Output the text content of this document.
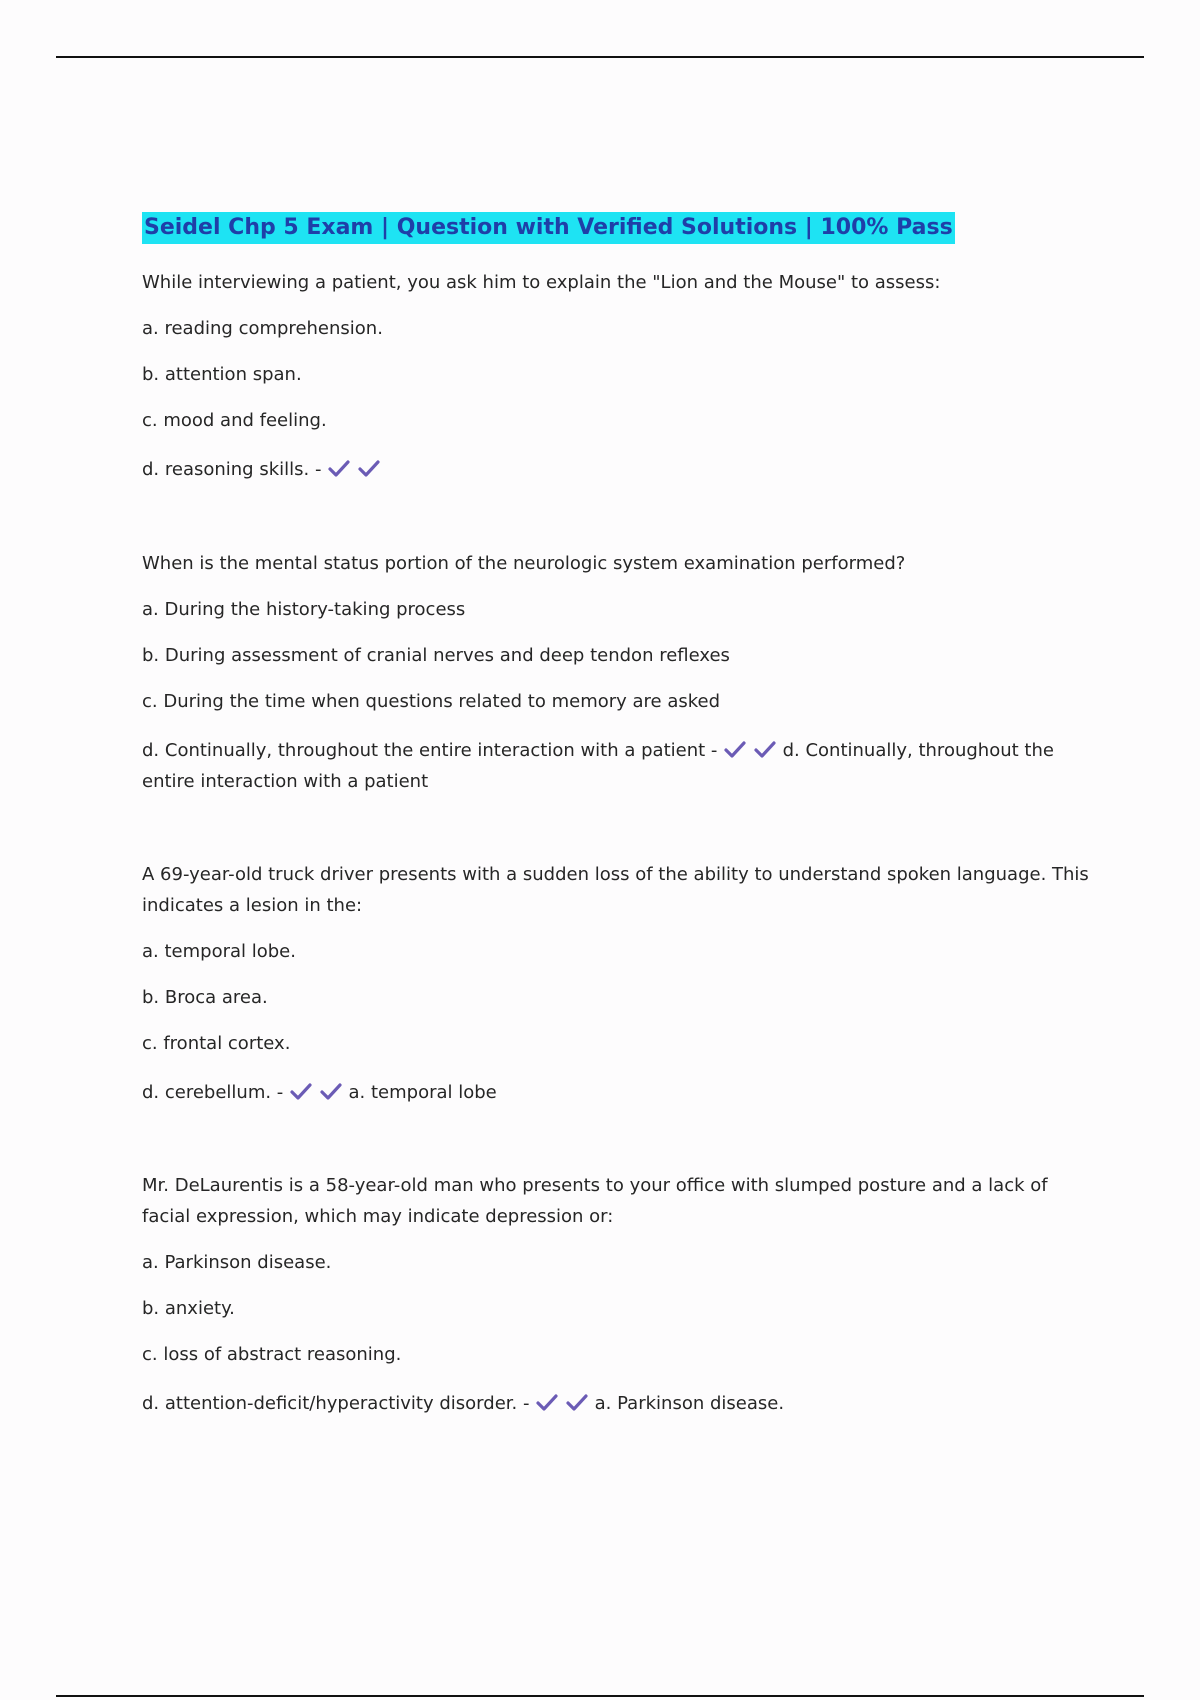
Seidel Chp 5 Exam | Question with Verified Solutions | 100% Pass
While interviewing a patient, you ask him to explain the "Lion and the Mouse" to assess:
a. reading comprehension.
b. attention span.
c. mood and feeling.
d. reasoning skills. -

When is the mental status portion of the neurologic system examination performed?
a. During the history-taking process
b. During assessment of cranial nerves and deep tendon reflexes
c. During the time when questions related to memory are asked
d. Continually, throughout the entire interaction with a patient -
	d. Continually, throughout the
entire interaction with a patient
A 69-year-old truck driver presents with a sudden loss of the ability to understand spoken language. This
indicates a lesion in the:
a. temporal lobe.
b. Broca area.
c. frontal cortex.
d. cerebellum. -
	a. temporal lobe
Mr. DeLaurentis is a 58-year-old man who presents to your office with slumped posture and a lack of
facial expression, which may indicate depression or:
a. Parkinson disease.
b. anxiety.
c. loss of abstract reasoning.
d. attention-deficit/hyperactivity disorder. -
	a. Parkinson disease.
